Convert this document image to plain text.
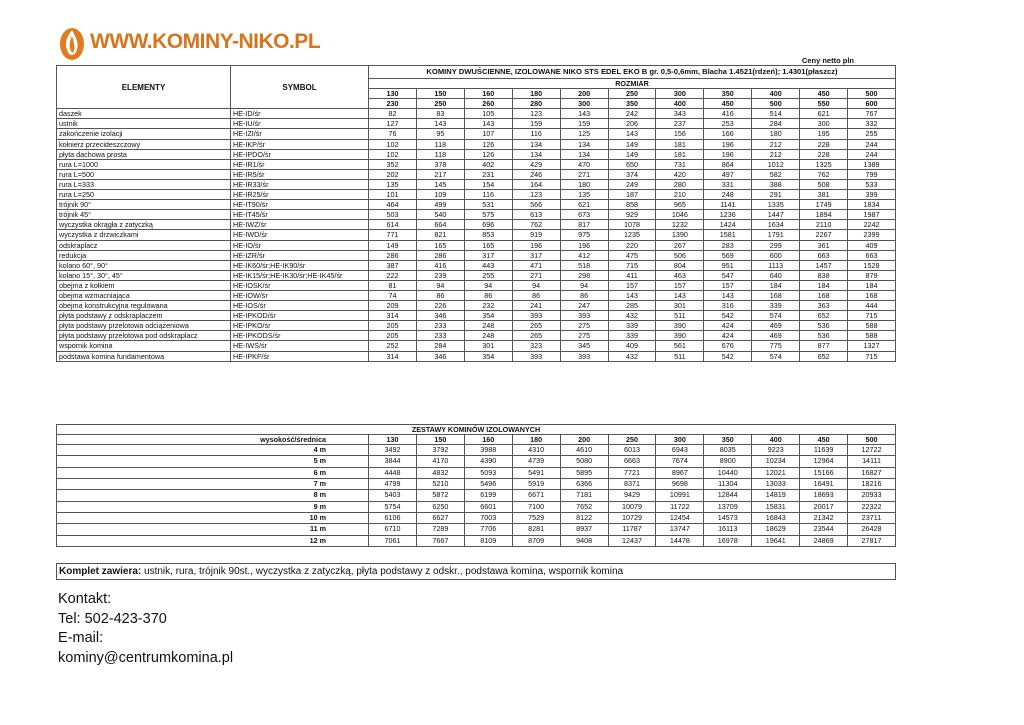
WWW.KOMINY-NIKO.PL
Ceny netto pln
ELEMENTY	SYMBOL	KOMINY DWUŚCIENNE, IZOLOWANE NIKO STS EDEL EKO B gr. 0,5-0,6mm, Blacha 1.4521(rdzeń); 1.4301(płaszcz)										
		ROZMIAR										
		130	150	160	180	200	250	300	350	400	450	500
		230	250	260	280	300	350	400	450	500	550	600
daszek	HE-ID/śr	82	83	105	123	143	242	343	416	514	621	767
ustnik	HE-IU/śr	127	143	143	159	159	206	237	253	284	300	332
zakończenie izolacji	HE-IZI/śr	76	95	107	116	125	143	156	166	180	195	255
kołnierz przecideszczowy	HE-IKP/śr	102	118	126	134	134	149	181	196	212	228	244
płyta dachowa prosta	HE-IPDO/śr	102	118	126	134	134	149	181	196	212	228	244
rura L=1000	HE-IR1/śr	352	378	402	429	470	650	731	864	1012	1325	1389
rura L=500	HE-IR5/śr	202	217	231	246	271	374	420	497	582	762	799
rura L=333	HE-IR33/śr	135	145	154	164	180	249	280	331	388	508	533
rura L=250	HE-IR25/śr	101	109	116	123	135	187	210	248	291	381	399
trójnik 90°	HE-IT90/śr	464	499	531	566	621	858	965	1141	1335	1749	1834
trójnik 45°	HE-IT45/śr	503	540	575	613	673	929	1046	1236	1447	1894	1987
wyczystka okrągła z zatyczką	HE-IWZ/śr	614	664	696	762	817	1078	1232	1424	1634	2110	2242
wyczystka z drzwiczkami	HE-IWD/śr	771	821	853	919	975	1235	1390	1581	1791	2267	2399
odskraplacz	HE-IO/śr	149	165	165	196	196	220	267	283	299	361	409
redukcja	HE-IZR/śr	286	286	317	317	412	475	506	569	600	663	663
kolano 60°, 90°	HE-IK60/śr;HE-IK90/śr	387	416	443	471	518	715	804	951	1113	1457	1528
kolano 15°, 30°, 45°	HE-IK15/śr;HE-IK30/śr;HE-IK45/śr	222	239	255	271	298	411	463	547	640	838	879
obejma z kołkiem	HE-IOSK/śr	81	94	94	94	94	157	157	157	184	184	184
obejma wzmacniająca	HE-IOW/śr	74	86	86	86	86	143	143	143	168	168	168
obejma konstrukcyjna regulowana	HE-IOS/śr	209	226	232	241	247	285	301	316	339	363	444
płyta podstawy z odskraplaczem	HE-IPKOD/śr	314	346	354	393	393	432	511	542	574	652	715
płyta podstawy przelotowa odciążeniowa	HE-IPKO/śr	205	233	248	265	275	339	390	424	469	536	588
płyta podstawy przelotowa pod odskraplacz	HE-IPKODS/śr	205	233	248	265	275	339	390	424	469	536	588
wspornik komina	HE-IWS/śr	252	284	301	323	345	409	561	676	775	877	1327
podstawa komina fundamentowa	HE-IPKF/śr	314	346	354	393	393	432	511	542	574	652	715
ZESTAWY KOMINÓW IZOLOWANYCH											
wysokość/średnica	130	150	160	180	200	250	300	350	400	450	500
4 m	3492	3792	3988	4310	4610	6013	6943	8035	9223	11639	12722
5 m	3844	4170	4390	4739	5080	6663	7674	8900	10234	12964	14111
6 m	4448	4832	5093	5491	5895	7721	8967	10440	12021	15166	16827
7 m	4799	5210	5496	5919	6366	8371	9698	11304	13033	16491	18216
8 m	5403	5872	6199	6671	7181	9429	10991	12844	14819	18693	20933
9 m	5754	6250	6601	7100	7652	10079	11722	13709	15831	20017	22322
10 m	6106	6627	7003	7529	8122	10729	12454	14573	16843	21342	23711
11 m	6710	7289	7706	8281	8937	11787	13747	16113	18629	23544	26428
12 m	7061	7667	8109	8709	9408	12437	14478	16978	19641	24869	27817
Komplet zawiera: ustnik, rura, trójnik 90st., wyczystka z zatyczką, płyta podstawy z odskr., podstawa komina, wspornik komina
Kontakt:
Tel: 502-423-370
E-mail:
kominy@centrumkomina.pl
